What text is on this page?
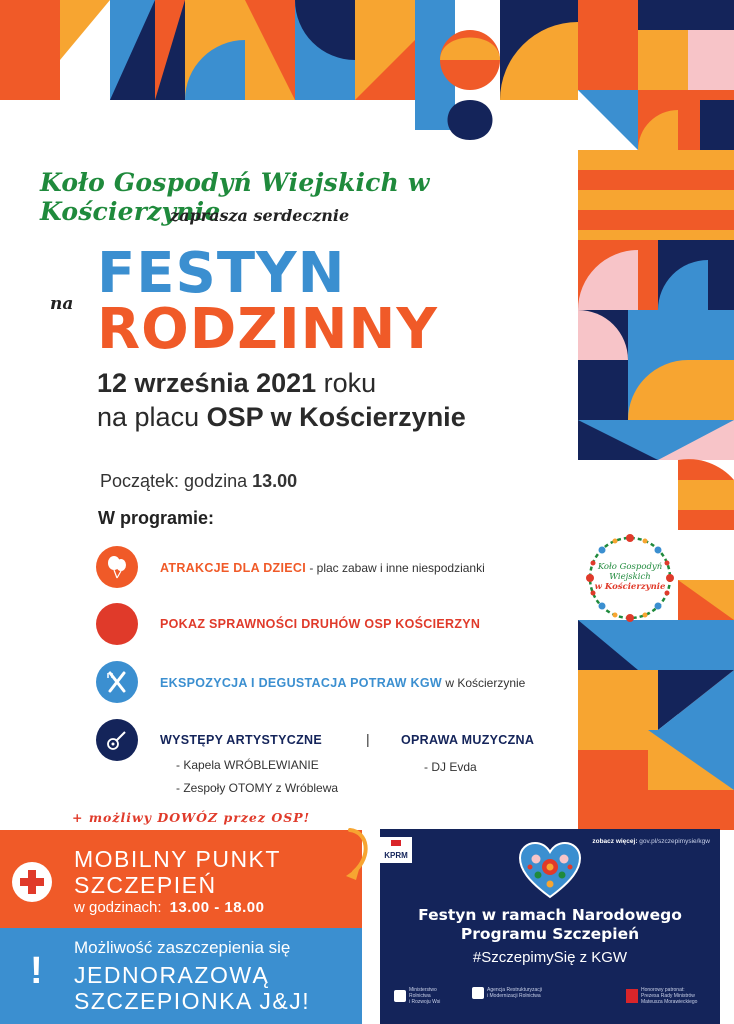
Koło Gospodyń Wiejskich w Kościerzynie
zaprasza serdecznie
na FESTYN
RODZINNY
12 września 2021 roku
na placu OSP w Kościerzynie
Początek: godzina 13.00
W programie:
ATRAKCJE DLA DZIECI - plac zabaw i inne niespodzianki
POKAZ SPRAWNOŚCI DRUHÓW OSP KOŚCIERZYN
EKSPOZYCJA I DEGUSTACJA POTRAW KGW w Kościerzynie
WYSTĘPY ARTYSTYCZNE	|	OPRAWA MUZYCZNA
- Kapela WRÓBLEWIANIE
- Zespoły OTOMY z Wróblewa
- DJ Evda
Koło Gospodyń
Wiejskich
w Kościerzynie
+ możliwy DOWÓZ przez OSP!
MOBILNY PUNKT
SZCZEPIEŃ
w godzinach: 13.00 - 18.00
!
Możliwość zaszczepienia się
JEDNORAZOWĄ
SZCZEPIONKA J&J!
KPRM
zobacz więcej: gov.pl/szczepimysie/kgw
Festyn w ramach Narodowego
Programu Szczepień
#SzczepimySię z KGW
Ministerstwo
Rolnictwa
i Rozwoju Wsi
Agencja Restrukturyzacji
i Modernizacji Rolnictwa
Honorowy patronat:
Prezesa Rady Ministrów
Mateusza Morawieckiego
